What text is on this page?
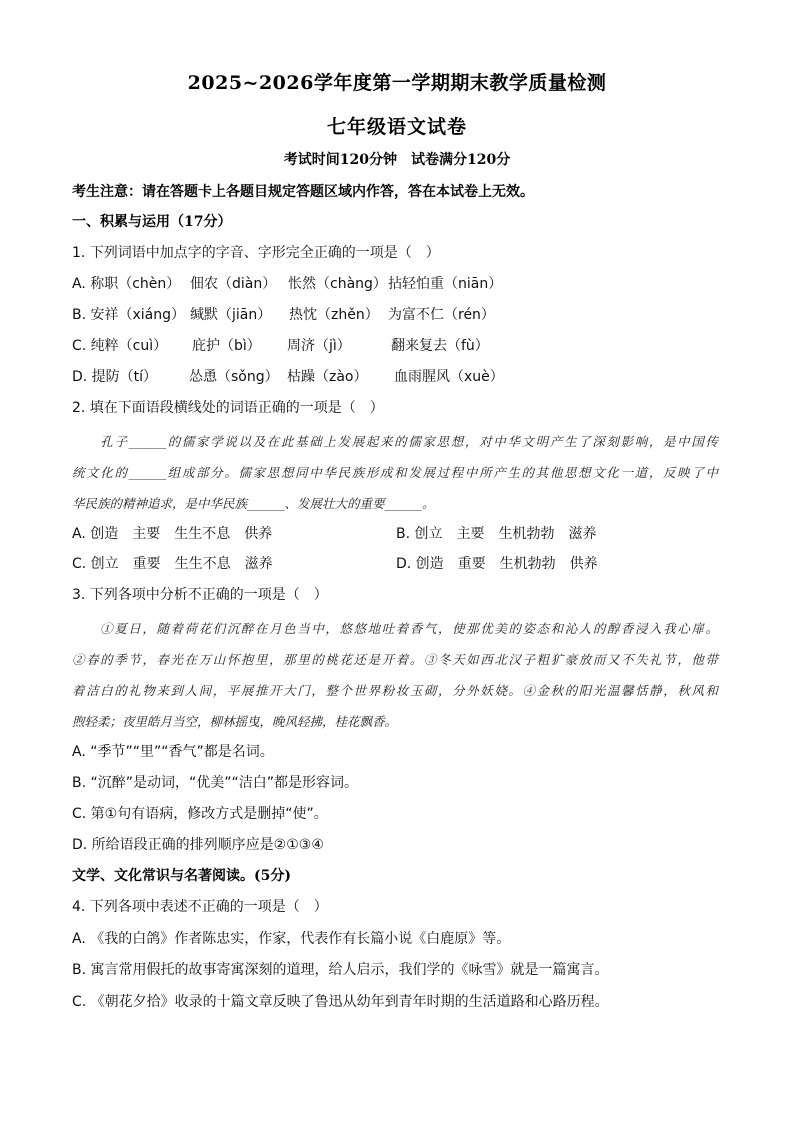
2025~2026学年度第一学期期末教学质量检测
七年级语文试卷
考试时间120分钟　试卷满分120分
考生注意：请在答题卡上各题目规定答题区域内作答，答在本试卷上无效。
一、积累与运用（17分）
1. 下列词语中加点字的字音、字形完全正确的一项是（　）
A. 称职（chèn） 佃农（diàn） 怅然（chàng）拈轻怕重（niān）
B. 安祥（xiáng） 缄默（jiān） 热忱（zhěn） 为富不仁（rén）
C. 纯粹（cuì） 庇护（bì） 周济（jì）	翻来复去（fù）
D. 提防（tí） 怂恿（sǒng） 枯躁（zào） 血雨腥风（xuè）
2. 填在下面语段横线处的词语正确的一项是（　）
　　孔子______的儒家学说以及在此基础上发展起来的儒家思想，对中华文明产生了深刻影响，是中国传
统文化的______组成部分。儒家思想同中华民族形成和发展过程中所产生的其他思想文化一道，反映了中
华民族的精神追求，是中华民族______、发展壮大的重要______。
A. 创造　主要　生生不息　供养	B. 创立　主要　生机勃勃　滋养
C. 创立　重要　生生不息　滋养	D. 创造　重要　生机勃勃　供养
3. 下列各项中分析不正确的一项是（　）
　　①夏日，随着荷花们沉醉在月色当中，悠悠地吐着香气，使那优美的姿态和沁人的醇香浸入我心扉。
②春的季节，春光在万山怀抱里，那里的桃花还是开着。③冬天如西北汉子粗犷豪放而又不失礼节，他带
着洁白的礼物来到人间，平展推开大门，整个世界粉妆玉砌，分外妖娆。④金秋的阳光温馨恬静，秋风和
煦轻柔；夜里皓月当空，柳林摇曳，晚风轻拂，桂花飘香。
A. “季节”“里”“香气”都是名词。
B. “沉醉”是动词，“优美”“洁白”都是形容词。
C. 第①句有语病，修改方式是删掉“使”。
D. 所给语段正确的排列顺序应是②①③④
文学、文化常识与名著阅读。(5分)
4. 下列各项中表述不正确的一项是（　）
A. 《我的白鸽》作者陈忠实，作家，代表作有长篇小说《白鹿原》等。
B. 寓言常用假托的故事寄寓深刻的道理，给人启示，我们学的《咏雪》就是一篇寓言。
C. 《朝花夕拾》收录的十篇文章反映了鲁迅从幼年到青年时期的生活道路和心路历程。
